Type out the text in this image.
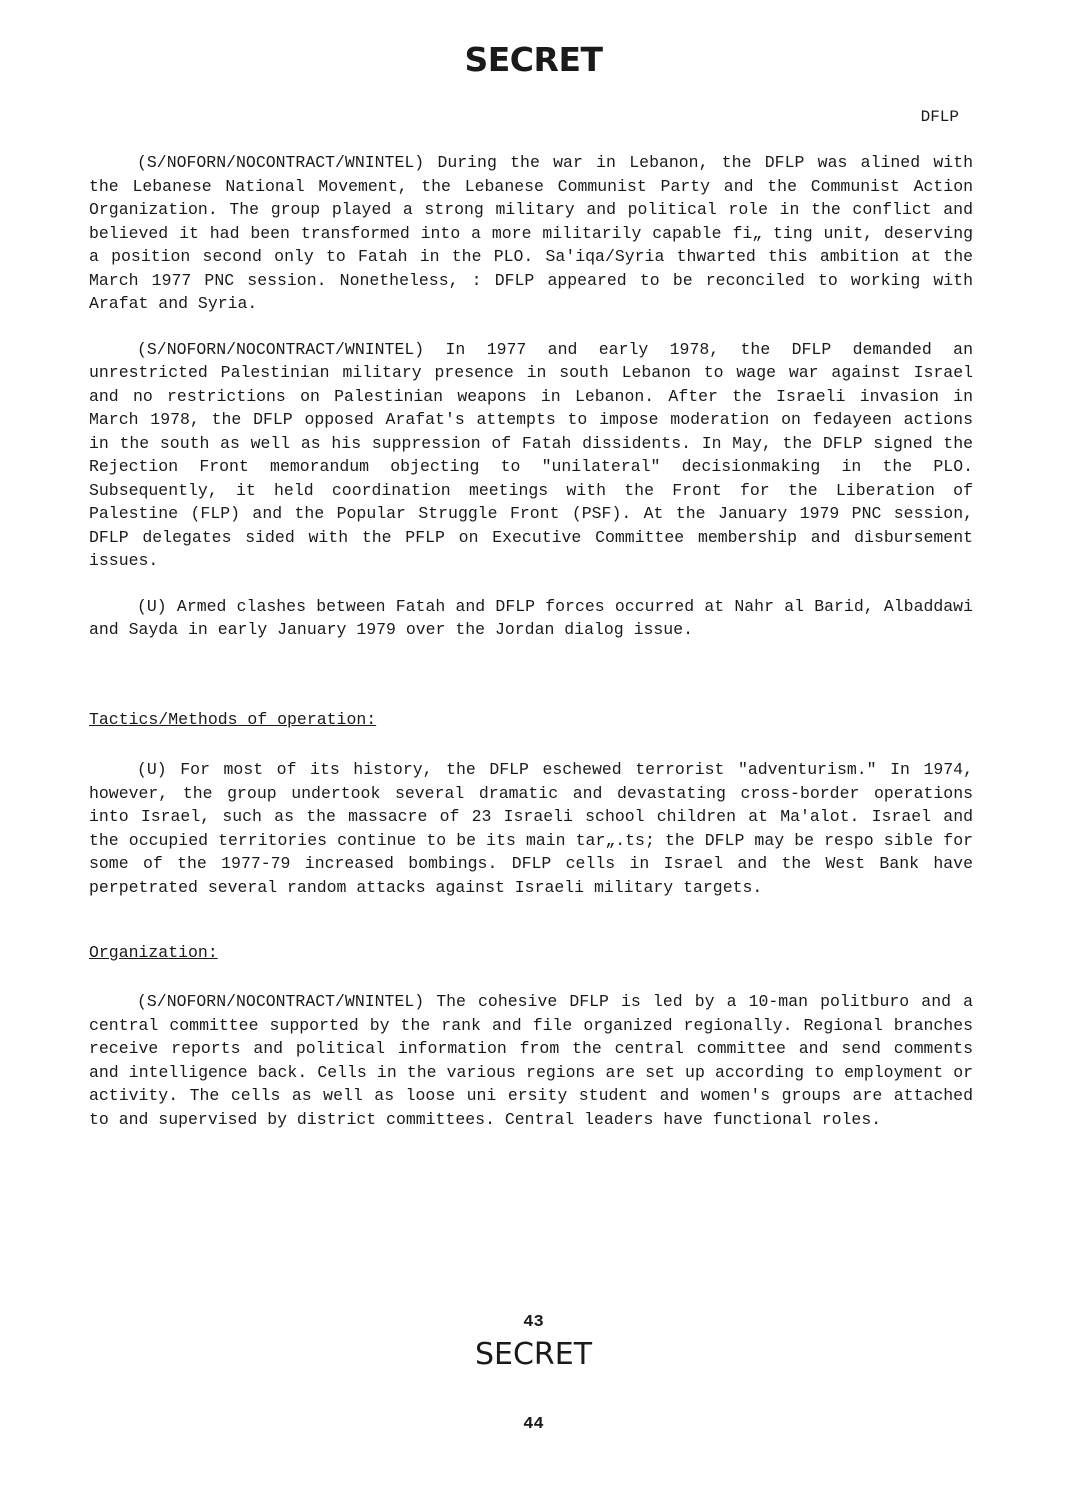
SECRET
DFLP

(S/NOFORN/NOCONTRACT/WNINTEL) During the war in Lebanon, the DFLP was alined with the Lebanese National Movement, the Lebanese Communist Party and the Communist Action Organization. The group played a strong military and political role in the conflict and believed it had been transformed into a more militarily capable fi„ ting unit, deserving a position second only to Fatah in the PLO. Sa'iqa/Syria thwarted this ambition at the March 1977 PNC session. Nonetheless, : DFLP appeared to be reconciled to working with Arafat and Syria.

(S/NOFORN/NOCONTRACT/WNINTEL) In 1977 and early 1978, the DFLP demanded an unrestricted Palestinian military presence in south Lebanon to wage war against Israel and no restrictions on Palestinian weapons in Lebanon. After the Israeli invasion in March 1978, the DFLP opposed Arafat's attempts to impose moderation on fedayeen actions in the south as well as his suppression of Fatah dissidents. In May, the DFLP signed the Rejection Front memorandum objecting to "unilateral" decisionmaking in the PLO. Subsequently, it held coordination meetings with the Front for the Liberation of Palestine (FLP) and the Popular Struggle Front (PSF). At the January 1979 PNC session, DFLP delegates sided with the PFLP on Executive Committee membership and disbursement issues.

(U) Armed clashes between Fatah and DFLP forces occurred at Nahr al Barid, Albaddawi and Sayda in early January 1979 over the Jordan dialog issue.

Tactics/Methods of operation:

(U) For most of its history, the DFLP eschewed terrorist "adventurism." In 1974, however, the group undertook several dramatic and devastating cross-border operations into Israel, such as the massacre of 23 Israeli school children at Ma'alot. Israel and the occupied territories continue to be its main tar„.ts; the DFLP may be respo sible for some of the 1977-79 increased bombings. DFLP cells in Israel and the West Bank have perpetrated several random attacks against Israeli military targets.

Organization:

(S/NOFORN/NOCONTRACT/WNINTEL) The cohesive DFLP is led by a 10-man politburo and a central committee supported by the rank and file organized regionally. Regional branches receive reports and political information from the central committee and send comments and intelligence back. Cells in the various regions are set up according to employment or activity. The cells as well as loose uni ersity student and women's groups are attached to and supervised by district committees. Central leaders have functional roles.

43
SECRET
44
